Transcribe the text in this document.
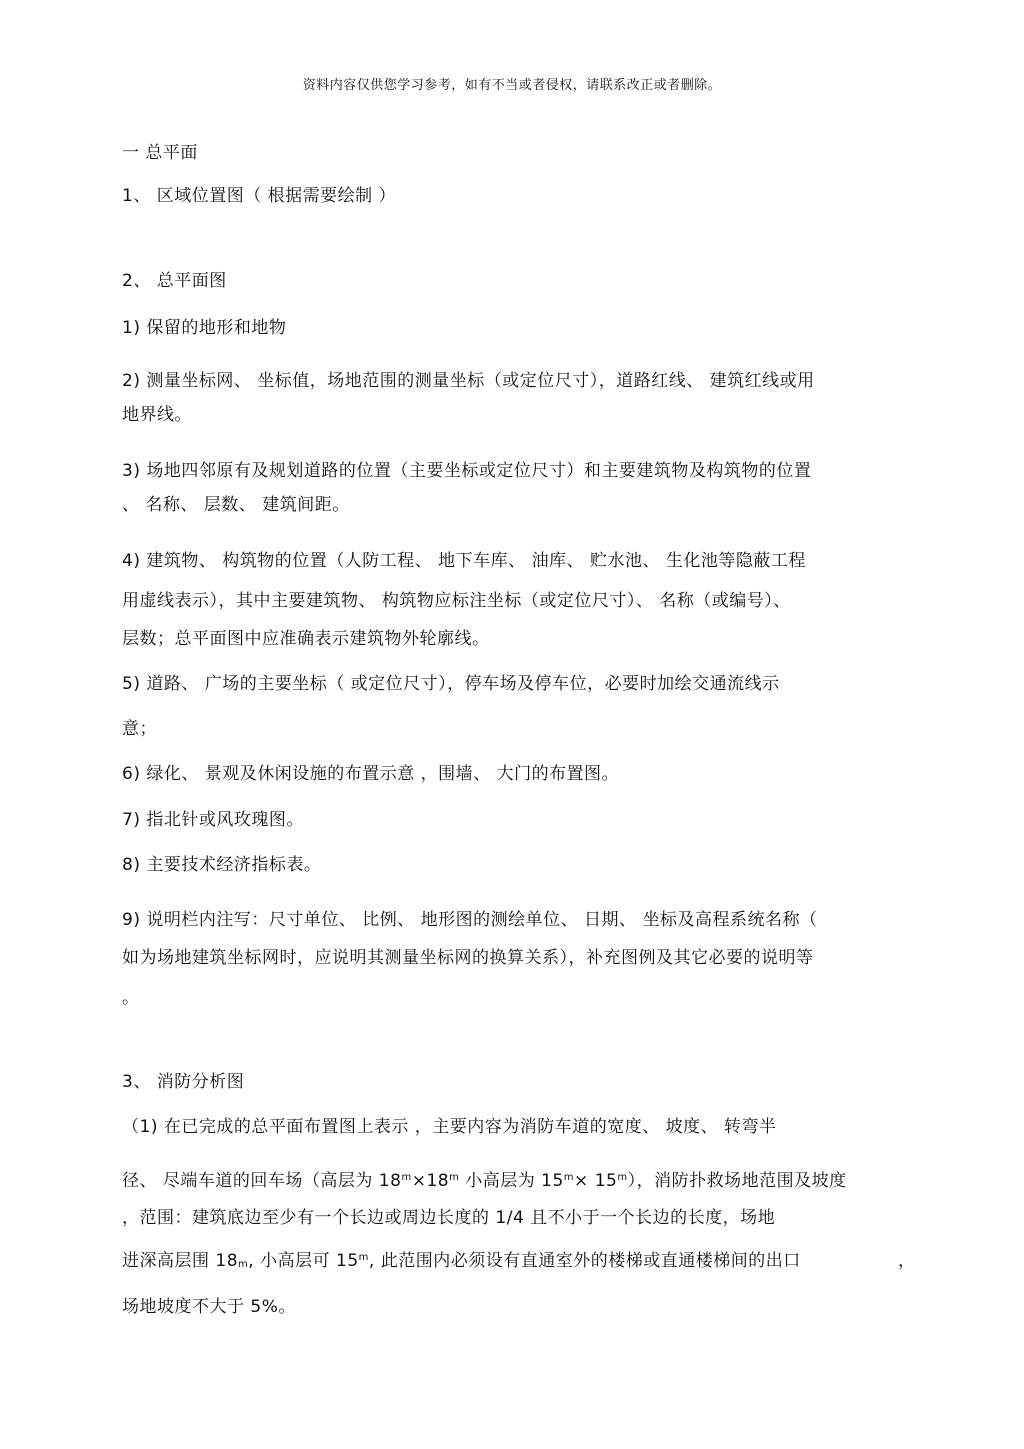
资料内容仅供您学习参考，如有不当或者侵权，请联系改正或者删除。
一 总平面
1、 区域位置图（ 根据需要绘制 ）
2、 总平面图
1) 保留的地形和地物
2) 测量坐标网、 坐标值，场地范围的测量坐标（或定位尺寸），道路红线、 建筑红线或用
地界线。
3) 场地四邻原有及规划道路的位置（主要坐标或定位尺寸）和主要建筑物及构筑物的位置
、 名称、 层数、 建筑间距。
4) 建筑物、 构筑物的位置（人防工程、 地下车库、 油库、 贮水池、 生化池等隐蔽工程
用虚线表示），其中主要建筑物、 构筑物应标注坐标（或定位尺寸）、 名称（或编号）、
层数；总平面图中应准确表示建筑物外轮廓线。
5) 道路、 广场的主要坐标（ 或定位尺寸），停车场及停车位，必要时加绘交通流线示
意；
6) 绿化、 景观及休闲设施的布置示意 ，围墙、 大门的布置图。
7) 指北针或风玫瑰图。
8) 主要技术经济指标表。
9) 说明栏内注写：尺寸单位、 比例、 地形图的测绘单位、 日期、 坐标及高程系统名称（
如为场地建筑坐标网时，应说明其测量坐标网的换算关系），补充图例及其它必要的说明等
。
3、 消防分析图
（1) 在已完成的总平面布置图上表示 ，主要内容为消防车道的宽度、 坡度、 转弯半
径、 尽端车道的回车场（高层为 $18^m\times 18^m$ 小高层为 $15^m\times 15^m$），消防扑救场地范围及坡度
，范围：建筑底边至少有一个长边或周边长度的 1/4 且不小于一个长边的长度，场地
进深高层围 $18_m$, 小高层可 15$^m$, 此范围内必须设有直通室外的楼梯或直通楼梯间的出口	，
场地坡度不大于 5%。
